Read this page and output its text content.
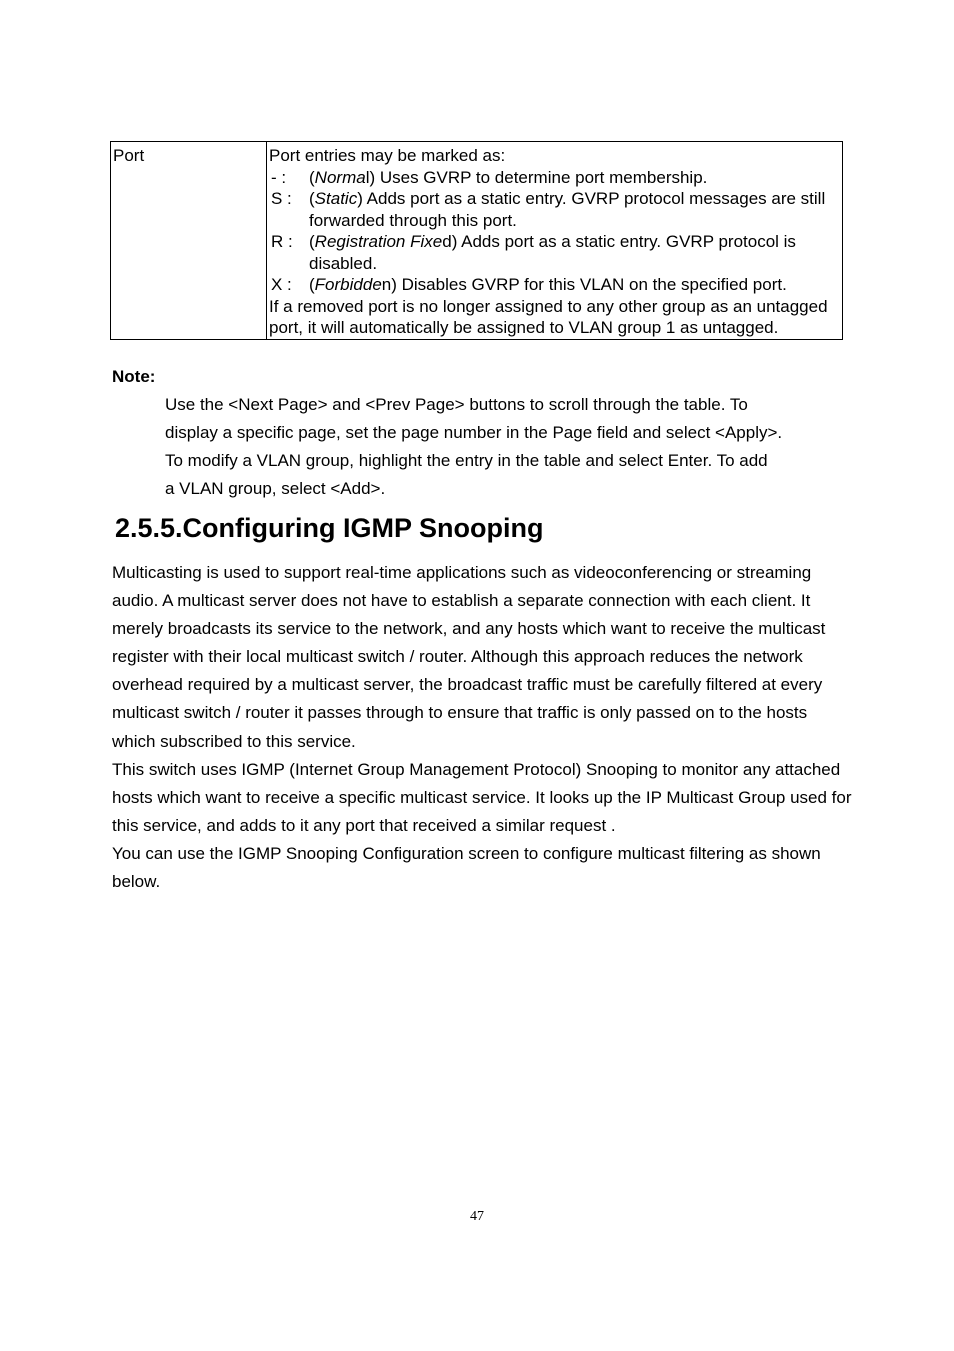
Port	Port entries may be marked as:
- :	(Normal) Uses GVRP to determine port membership.
S :	(Static) Adds port as a static entry. GVRP protocol messages are still forwarded through this port.
R : (Registration Fixed) Adds port as a static entry. GVRP protocol is disabled.
X :	(Forbidden) Disables GVRP for this VLAN on the specified port.
If a removed port is no longer assigned to any other group as an untagged port, it will automatically be assigned to VLAN group 1 as untagged.
Note:
Use the <Next Page> and <Prev Page> buttons to scroll through the table. To
display a specific page, set the page number in the Page field and select <Apply>.
To modify a VLAN group, highlight the entry in the table and select Enter. To add
a VLAN group, select <Add>.
2.5.5.Configuring IGMP Snooping

Multicasting is used to support real-time applications such as videoconferencing or streaming audio. A multicast server does not have to establish a separate connection with each client. It merely broadcasts its service to the network, and any hosts which want to receive the multicast register with their local multicast switch / router. Although this approach reduces the network overhead required by a multicast server, the broadcast traffic must be carefully filtered at every multicast switch / router it passes through to ensure that traffic is only passed on to the hosts which subscribed to this service.

This switch uses IGMP (Internet Group Management Protocol) Snooping to monitor any attached hosts which want to receive a specific multicast service. It looks up the IP Multicast Group used for this service, and adds to it any port that received a similar request .

You can use the IGMP Snooping Configuration screen to configure multicast filtering as shown below.

47
